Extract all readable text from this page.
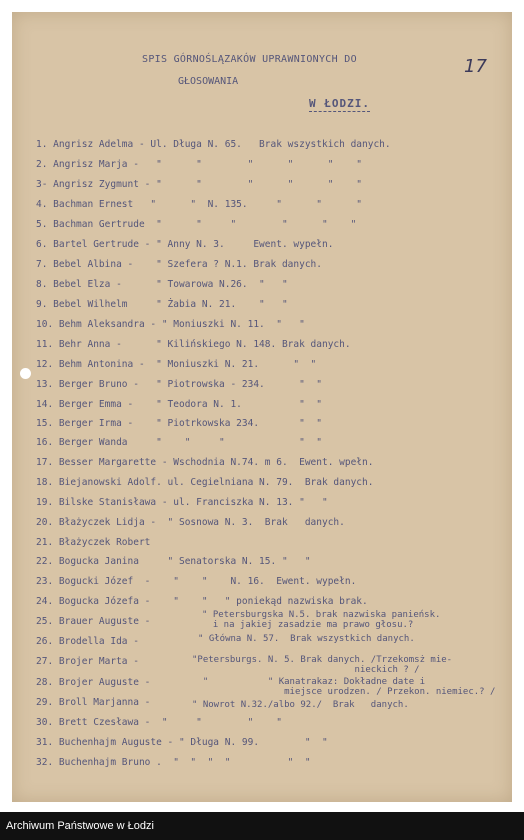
SPIS GÓRNOŚLĄZAKÓW UPRAWNIONYCH DO
GŁOSOWANIA
W ŁODZI.
17
1. Angrisz Adelma - Ul. Długa N. 65.   Brak wszystkich danych.
2. Angrisz Marja -   "      "        "      "      "    "
3- Angrisz Zygmunt - "      "        "      "      "    "
4. Bachman Ernest   "      "  N. 135.     "      "      "
5. Bachman Gertrude  "      "     "        "      "    "
6. Bartel Gertrude - " Anny N. 3.     Ewent. wypełn.
7. Bebel Albina -    " Szefera ? N.1. Brak danych.
8. Bebel Elza -      " Towarowa N.26.  "   "
9. Bebel Wilhelm     " Żabia N. 21.    "   "
10. Behm Aleksandra - " Moniuszki N. 11.  "   "
11. Behr Anna -      " Kilińskiego N. 148. Brak danych.
12. Behm Antonina -  " Moniuszki N. 21.      "  "
13. Berger Bruno -   " Piotrowska - 234.      "  "
14. Berger Emma -    " Teodora N. 1.          "  "
15. Berger Irma -    " Piotrkowska 234.       "  "
16. Berger Wanda     "    "     "             "  "
17. Besser Margarette - Wschodnia N.74. m 6.  Ewent. wpełn.
18. Biejanowski Adolf. ul. Cegielniana N. 79.  Brak danych.
19. Bilske Stanisława - ul. Franciszka N. 13. "   "
20. Błażyczek Lidja -  " Sosnowa N. 3.  Brak   danych.
21. Błażyczek Robert
22. Bogucka Janina     " Senatorska N. 15. "   "
23. Bogucki Józef  -    "    "    N. 16.  Ewent. wypełn.
24. Bogucka Józefa -    "    "   " poniekąd nazwiska brak.
25. Brauer Auguste -
26. Brodella Ida -
27. Brojer Marta -
28. Brojer Auguste -
29. Broll Marjanna -
30. Brett Czesława -  "     "        "    "
31. Buchenhajm Auguste - " Długa N. 99.        "  "
32. Buchenhajm Bruno .  "  "  "  "          "  "
" Petersburgska N.5. brak nazwiska panieńsk.
i na jakiej zasadzie ma prawo głosu.?
" Główna N. 57.  Brak wszystkich danych.
"Petersburgs. N. 5. Brak danych. /Trzekomsż mie-
nieckich ? /
"           " Kanatrakaz: Dokładne date i
miejsce urodzen. / Przekon. niemiec.? /
" Nowrot N.32./albo 92./  Brak   danych.
Archiwum Państwowe w Łodzi
